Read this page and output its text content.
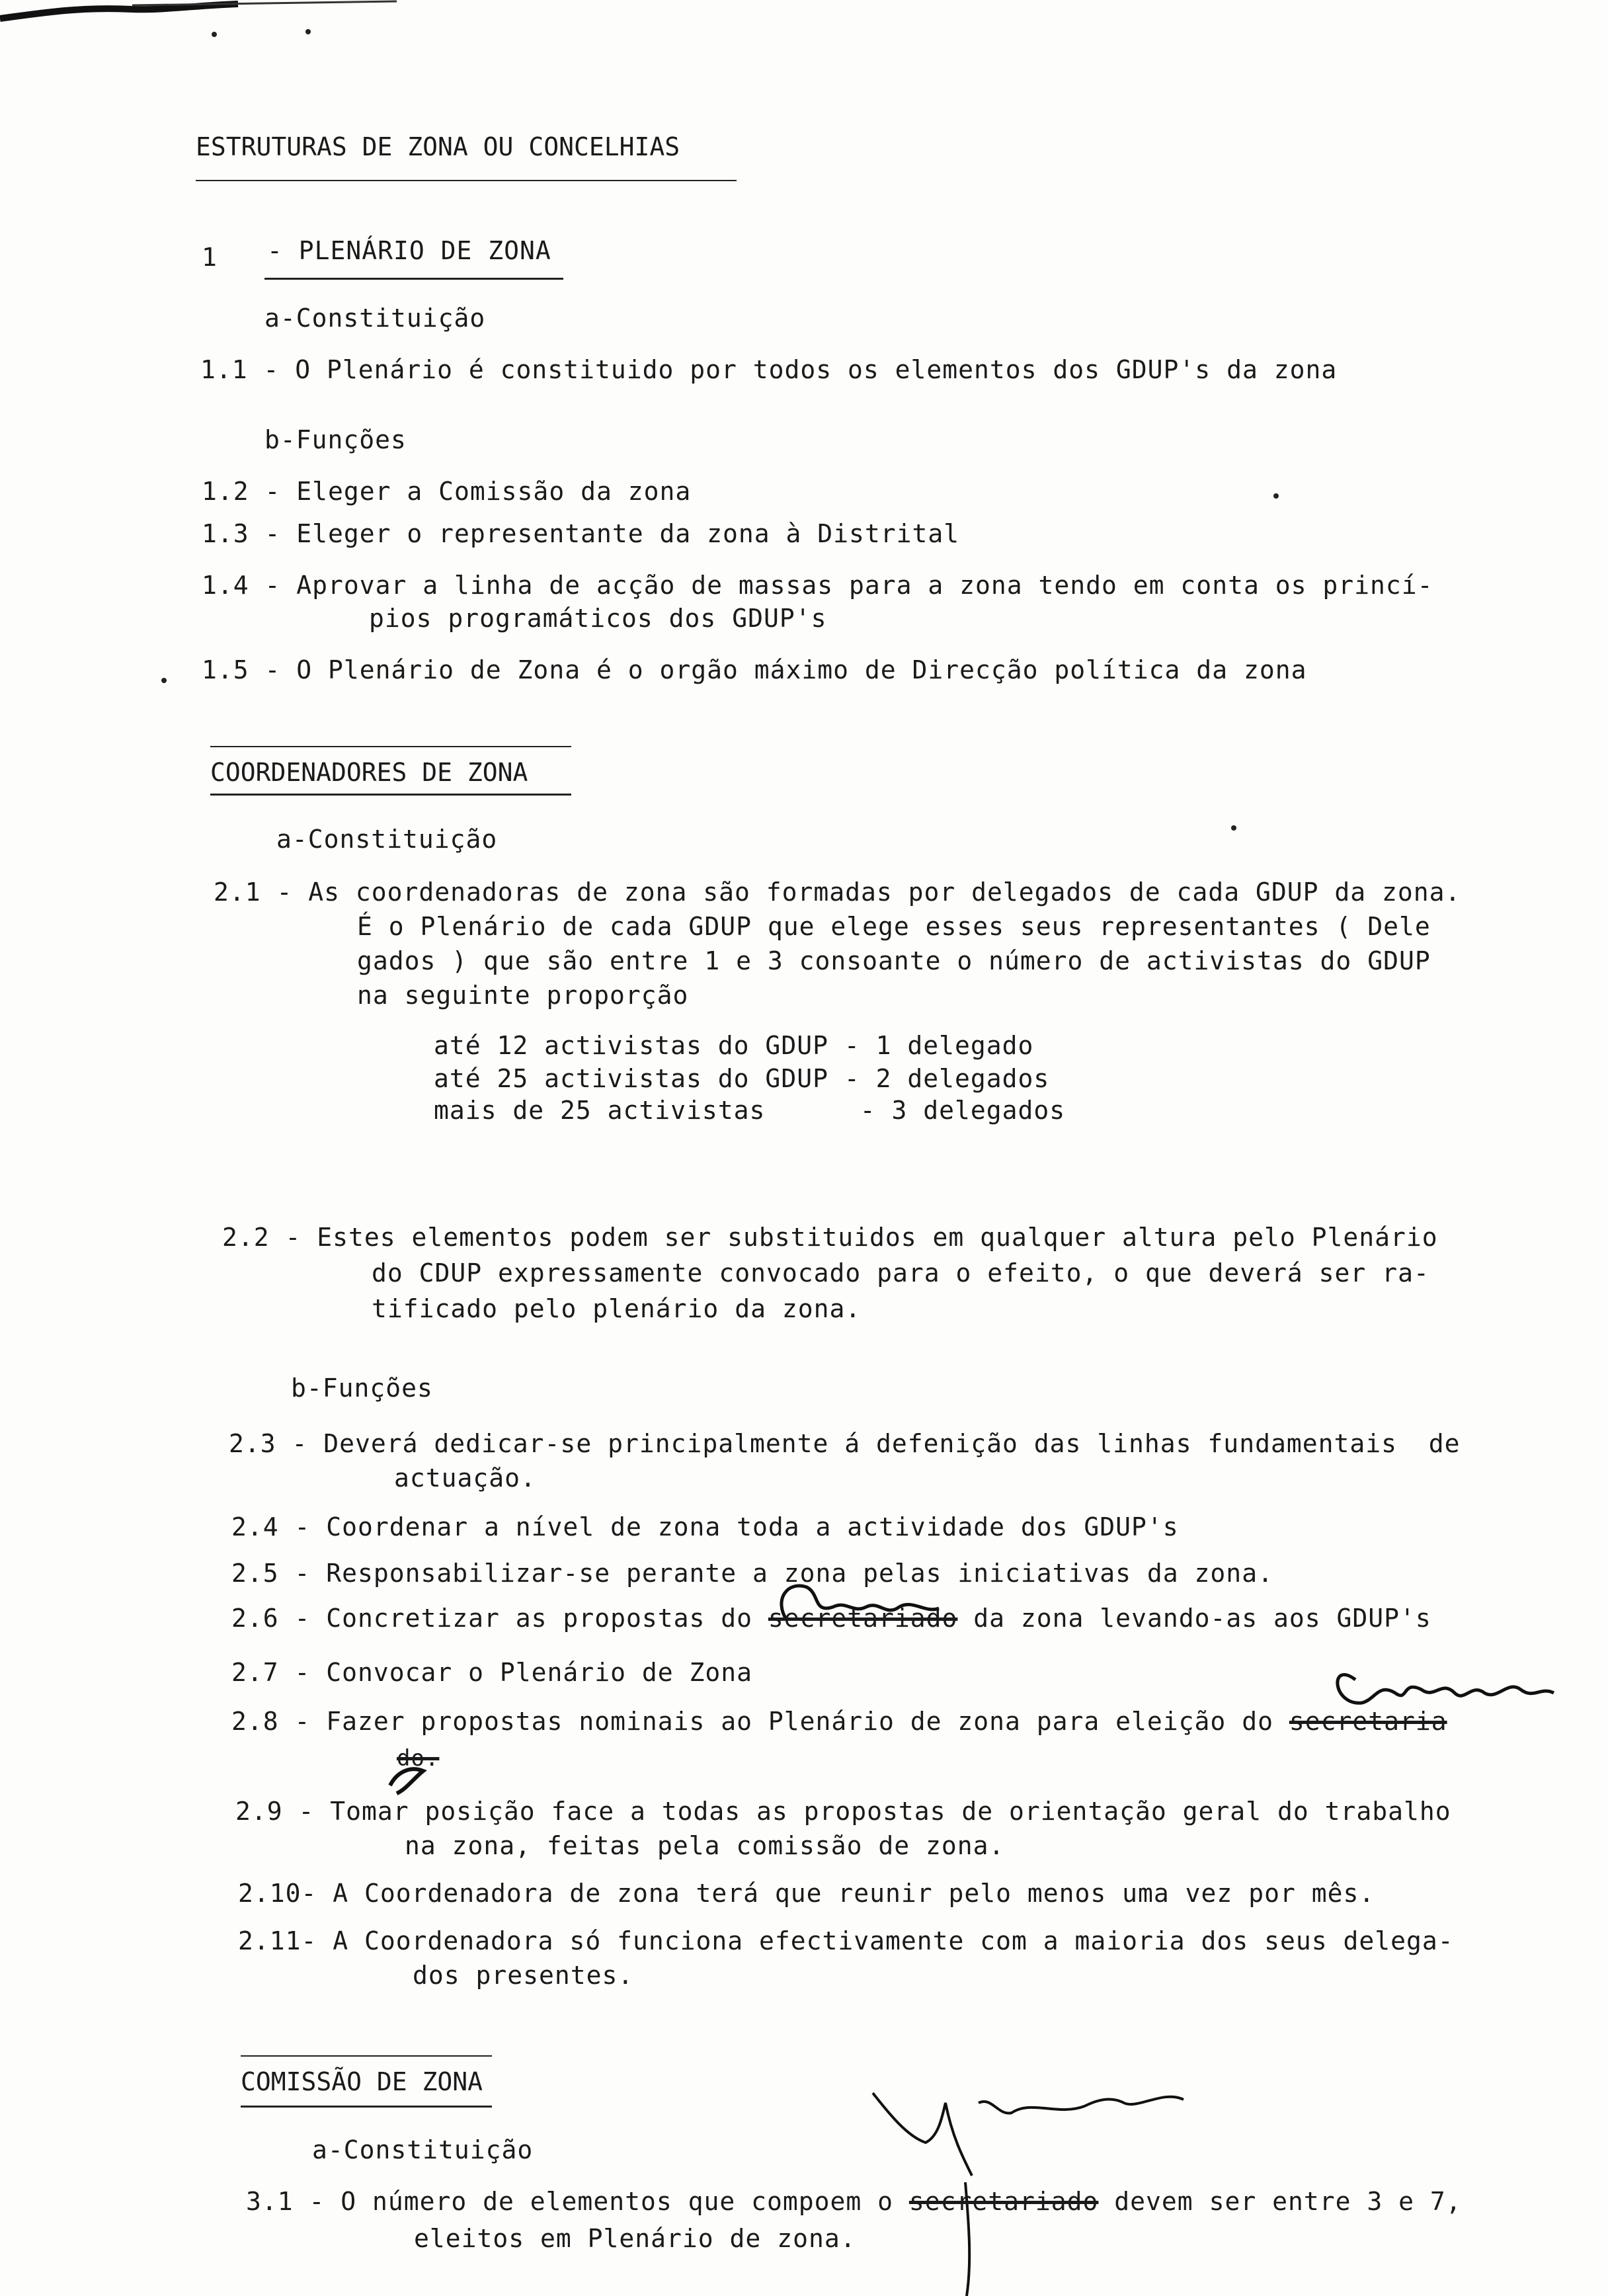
ESTRUTURAS DE ZONA OU CONCELHIAS
1 - PLENÁRIO DE ZONA
a-Constituição
1.1 - O Plenário é constituido por todos os elementos dos GDUP's da zona
b-Funções
1.2 - Eleger a Comissão da zona
1.3 - Eleger o representante da zona à Distrital
1.4 - Aprovar a linha de acção de massas para a zona tendo em conta os princí-
pios programáticos dos GDUP's
1.5 - O Plenário de Zona é o orgão máximo de Direcção política da zona
COORDENADORES DE ZONA
a-Constituição
2.1 - As coordenadoras de zona são formadas por delegados de cada GDUP da zona.
É o Plenário de cada GDUP que elege esses seus representantes ( Dele
gados ) que são entre 1 e 3 consoante o número de activistas do GDUP
na seguinte proporção
até 12 activistas do GDUP - 1 delegado
até 25 activistas do GDUP - 2 delegados
mais de 25 activistas      - 3 delegados
2.2 - Estes elementos podem ser substituidos em qualquer altura pelo Plenário
do CDUP expressamente convocado para o efeito, o que deverá ser ra-
tificado pelo plenário da zona.
b-Funções
2.3 - Deverá dedicar-se principalmente á defenição das linhas fundamentais  de
actuação.
2.4 - Coordenar a nível de zona toda a actividade dos GDUP's
2.5 - Responsabilizar-se perante a zona pelas iniciativas da zona.
2.6 - Concretizar as propostas do secretariado da zona levando-as aos GDUP's
2.7 - Convocar o Plenário de Zona
2.8 - Fazer propostas nominais ao Plenário de zona para eleição do secretaria
do.
2.9 - Tomar posição face a todas as propostas de orientação geral do trabalho
na zona, feitas pela comissão de zona.
2.10- A Coordenadora de zona terá que reunir pelo menos uma vez por mês.
2.11- A Coordenadora só funciona efectivamente com a maioria dos seus delega-
dos presentes.
COMISSÃO DE ZONA
a-Constituição
3.1 - O número de elementos que compoem o secretariado devem ser entre 3 e 7,
eleitos em Plenário de zona.
